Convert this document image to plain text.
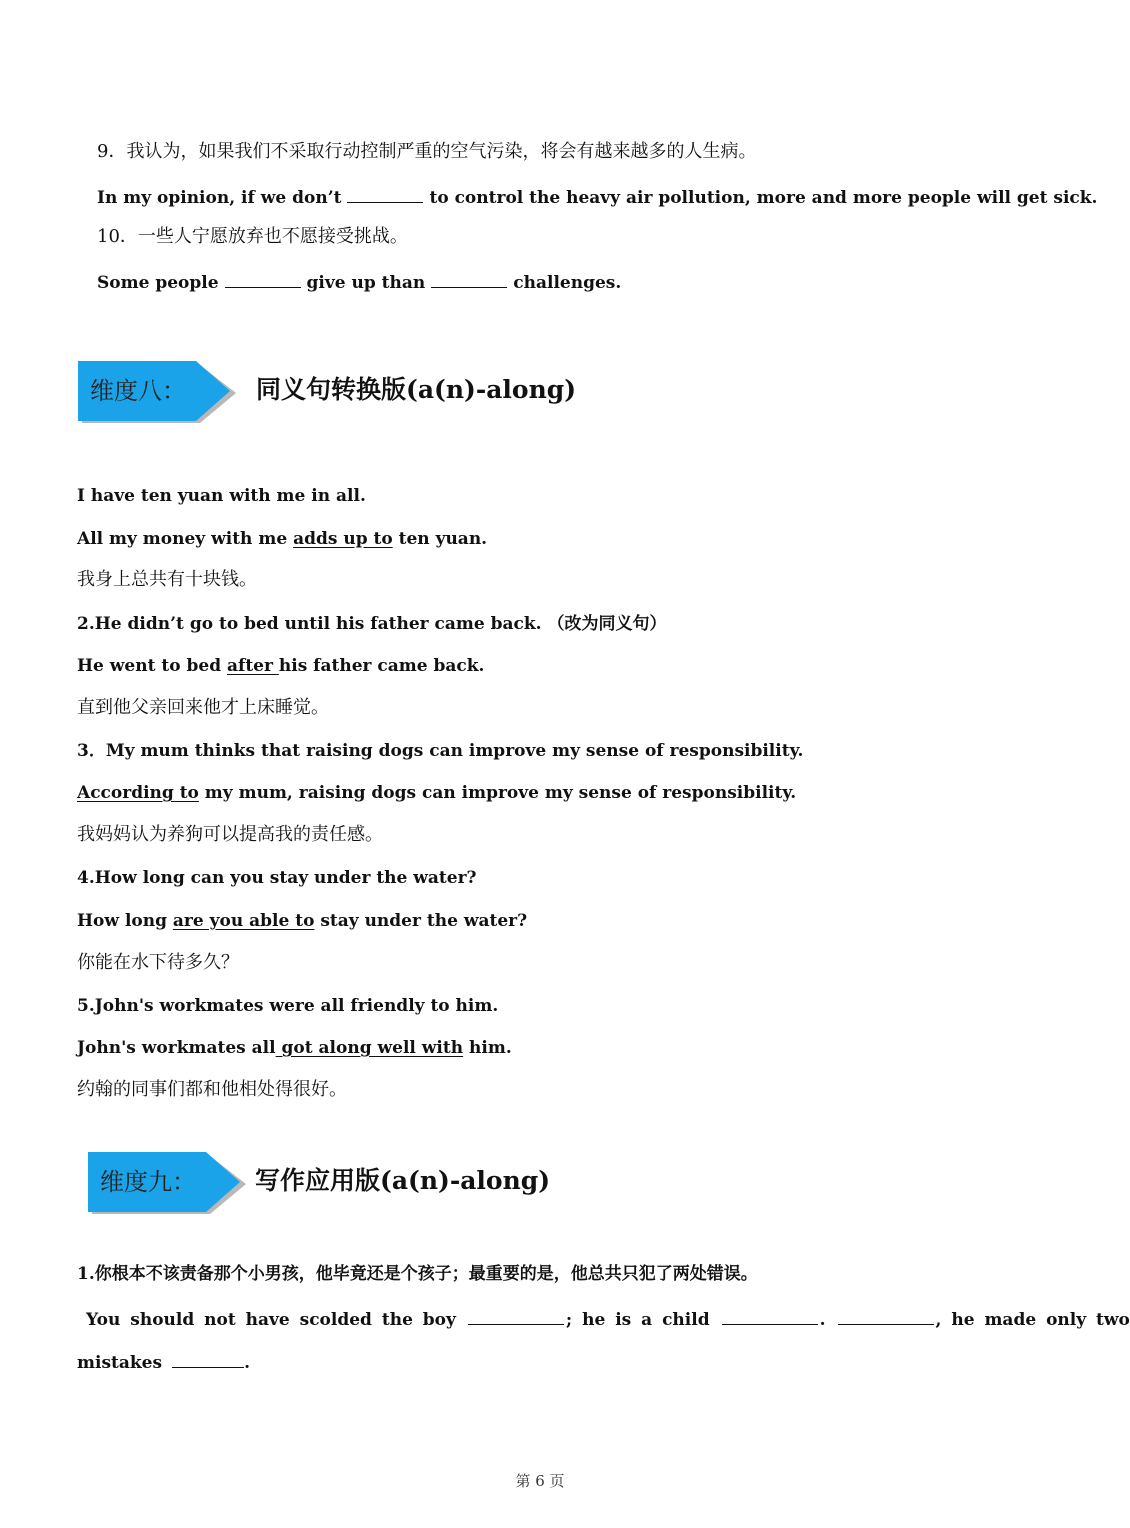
9．我认为，如果我们不采取行动控制严重的空气污染，将会有越来越多的人生病。
In my opinion, if we don’t	to control the heavy air pollution, more and more people will get sick.
10．一些人宁愿放弃也不愿接受挑战。
Some people	give up than	challenges.
维度八：	同义句转换版(a(n)-along)
I have ten yuan with me in all.
All my money with me adds up to ten yuan.
我身上总共有十块钱。
2.He didn’t go to bed until his father came back. （改为同义句）
He went to bed after his father came back.
直到他父亲回来他才上床睡觉。
3．My mum thinks that raising dogs can improve my sense of responsibility.
According to my mum, raising dogs can improve my sense of responsibility.
我妈妈认为养狗可以提高我的责任感。
4.How long can you stay under the water?
How long are you able to stay under the water?
你能在水下待多久？
5.John's workmates were all friendly to him.
John's workmates all got along well with him.
约翰的同事们都和他相处得很好。
维度九： 写作应用版(a(n)-along)
1.你根本不该责备那个小男孩，他毕竟还是个孩子；最重要的是，他总共只犯了两处错误。
You should not have scolded the boy	; he is a child	.	, he made only two
mistakes	.
第 6 页
